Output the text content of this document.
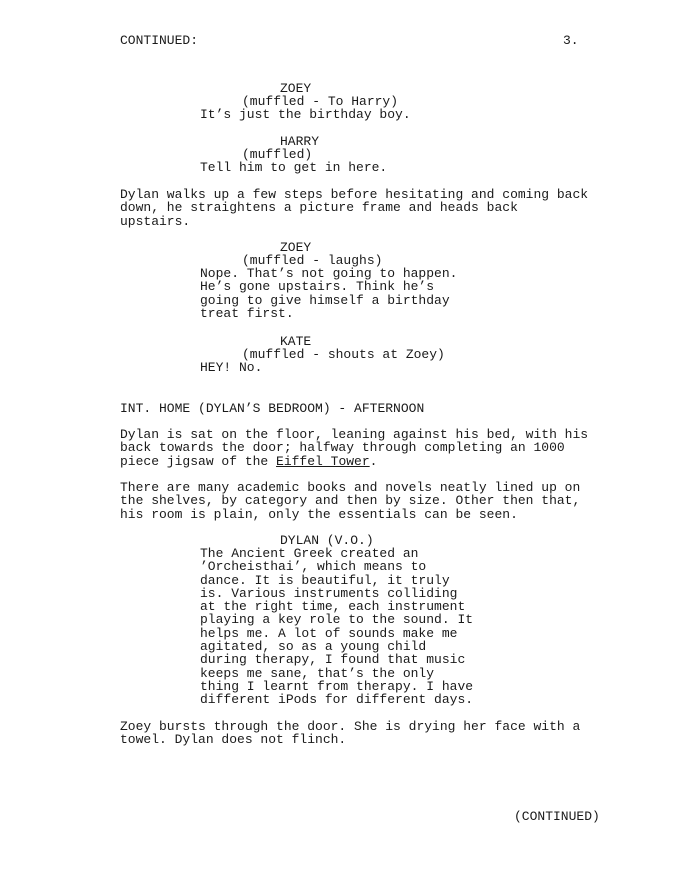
CONTINUED:	3.
ZOEY
(muffled - To Harry)
It’s just the birthday boy.
HARRY
(muffled)
Tell him to get in here.
Dylan walks up a few steps before hesitating and coming back
down, he straightens a picture frame and heads back
upstairs.
ZOEY
(muffled - laughs)
Nope. That’s not going to happen.
He’s gone upstairs. Think he’s
going to give himself a birthday
treat first.
KATE
(muffled - shouts at Zoey)
HEY! No.
INT. HOME (DYLAN’S BEDROOM) - AFTERNOON
Dylan is sat on the floor, leaning against his bed, with his
back towards the door; halfway through completing an 1000
piece jigsaw of the Eiffel Tower.
There are many academic books and novels neatly lined up on
the shelves, by category and then by size. Other then that,
his room is plain, only the essentials can be seen.
DYLAN (V.O.)
The Ancient Greek created an
’Orcheisthai’, which means to
dance. It is beautiful, it truly
is. Various instruments colliding
at the right time, each instrument
playing a key role to the sound. It
helps me. A lot of sounds make me
agitated, so as a young child
during therapy, I found that music
keeps me sane, that’s the only
thing I learnt from therapy. I have
different iPods for different days.
Zoey bursts through the door. She is drying her face with a
towel. Dylan does not flinch.
(CONTINUED)
